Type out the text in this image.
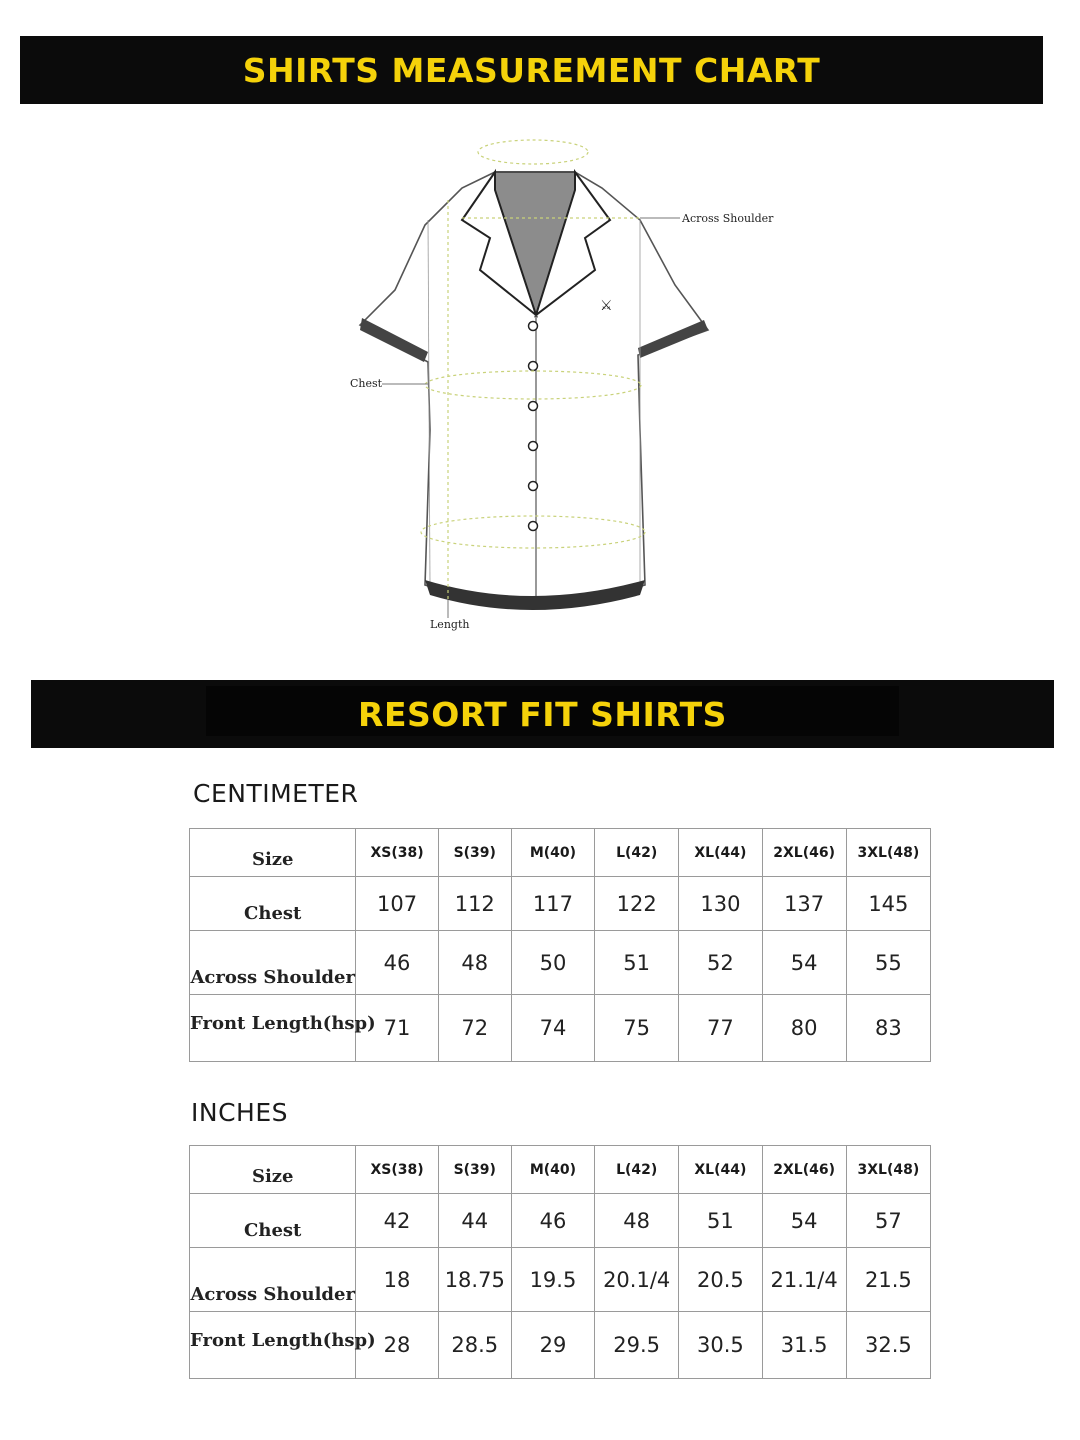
SHIRTS MEASUREMENT CHART
⚔
Across Shoulder
Chest
Length
RESORT FIT SHIRTS
CENTIMETER
Size	XS(38)	S(39)	M(40)	L(42)	XL(44)	2XL(46)	3XL(48)
Chest	107	112	117	122	130	137	145
Across Shoulder	46	48	50	51	52	54	55
Front Length(hsp)	71	72	74	75	77	80	83
INCHES
Size	XS(38)	S(39)	M(40)	L(42)	XL(44)	2XL(46)	3XL(48)
Chest	42	44	46	48	51	54	57
Across Shoulder	18	18.75	19.5	20.1/4	20.5	21.1/4	21.5
Front Length(hsp)	28	28.5	29	29.5	30.5	31.5	32.5
